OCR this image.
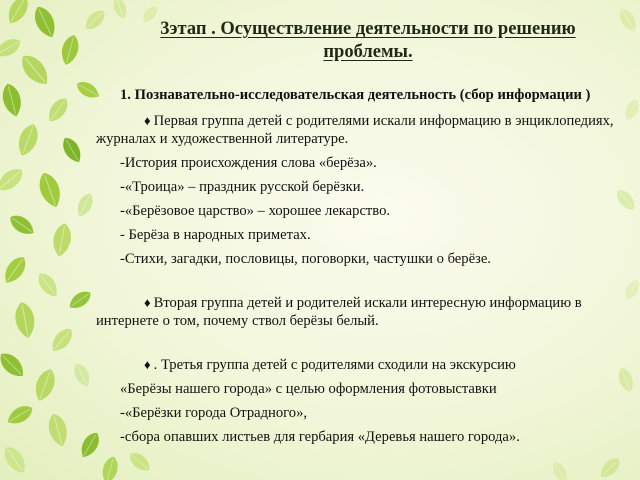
3этап . Осуществление деятельности по решению проблемы.

1. Познавательно-исследовательская деятельность (сбор информации )

♦ Первая группа детей с родителями искали информацию в энциклопедиях, журналах и художественной литературе.

-История происхождения слова «берёза».

-«Троица» – праздник русской берёзки.

-«Берёзовое царство» – хорошее лекарство.

- Берёза в народных приметах.

-Стихи, загадки, пословицы, поговорки, частушки о берёзе.

♦ Вторая группа детей и родителей искали интересную информацию в интернете о том, почему ствол берёзы белый.

♦ . Третья группа детей с родителями сходили на экскурсию

«Берёзы нашего города» с целью оформления фотовыставки

-«Берёзки города Отрадного»,

-сбора опавших листьев для гербария «Деревья нашего города».
